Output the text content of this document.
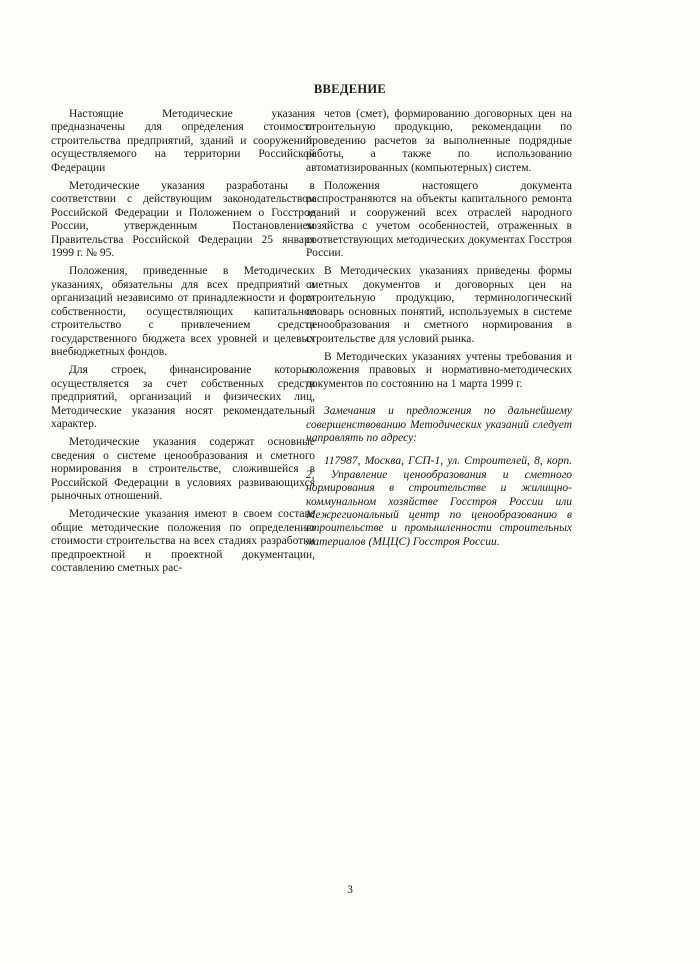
ВВЕДЕНИЕ

Настоящие Методические указания предназначены для определения стоимости строительства предприятий, зданий и сооружений, осуществляемого на территории Российской Федерации

Методические указания разработаны в соответствии с действующим законодательством Российской Федерации и Положением о Госстрое России, утвержденным Постановлением Правительства Российской Федерации 25 января 1999 г. № 95.

Положения, приведенные в Методических указаниях, обязательны для всех предприятий и организаций независимо от принадлежности и форм собственности, осуществляющих капитальное строительство с привлечением средств государственного бюджета всех уровней и целевых внебюджетных фондов.

Для строек, финансирование которых осуществляется за счет собственных средств предприятий, организаций и физических лиц, Методические указания носят рекомендательный характер.

Методические указания содержат основные сведения о системе ценообразования и сметного нормирования в строительстве, сложившейся в Российской Федерации в условиях развивающихся рыночных отношений.

Методические указания имеют в своем составе общие методические положения по определению стоимости строительства на всех стадиях разработки предпроектной и проектной документации, составлению сметных рас-

четов (смет), формированию договорных цен на строительную продукцию, рекомендации по проведению расчетов за выполненные подрядные работы, а также по использованию автоматизированных (компьютерных) систем.

Положения настоящего документа распространяются на объекты капитального ремонта зданий и сооружений всех отраслей народного хозяйства с учетом особенностей, отраженных в соответствующих методических документах Госстроя России.

В Методических указаниях приведены формы сметных документов и договорных цен на строительную продукцию, терминологический словарь основных понятий, используемых в системе ценообразования и сметного нормирования в строительстве для условий рынка.

В Методических указаниях учтены требования и положения правовых и нормативно-методических документов по состоянию на 1 марта 1999 г.

Замечания и предложения по дальнейшему совершенствованию Методических указаний следует направлять по адресу:

117987, Москва, ГСП-1, ул. Строителей, 8, корп. 2, Управление ценообразования и сметного нормирования в строительстве и жилищно-коммунальном хозяйстве Госстроя России или Межрегиональный центр по ценообразованию в строительстве и промышленности строительных материалов (МЦЦС) Госстроя России.

3
